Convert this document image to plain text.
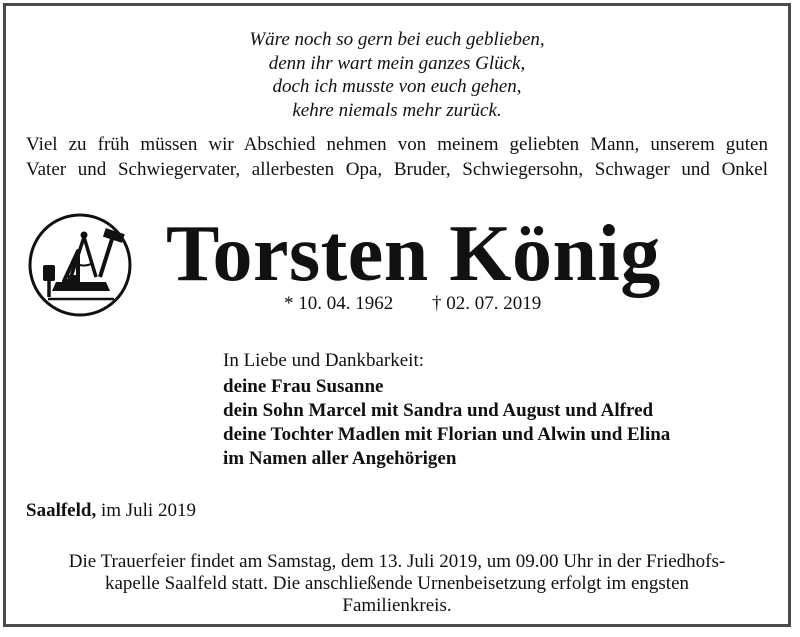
Wäre noch so gern bei euch geblieben,
denn ihr wart mein ganzes Glück,
doch ich musste von euch gehen,
kehre niemals mehr zurück.
Viel zu früh müssen wir Abschied nehmen von meinem geliebten Mann, unserem guten
Vater und Schwiegervater, allerbesten Opa, Bruder, Schwiegersohn, Schwager und Onkel
Torsten König
* 10. 04. 1962 † 02. 07. 2019
In Liebe und Dankbarkeit:
deine Frau Susanne
dein Sohn Marcel mit Sandra und August und Alfred
deine Tochter Madlen mit Florian und Alwin und Elina
im Namen aller Angehörigen
Saalfeld, im Juli 2019
Die Trauerfeier findet am Samstag, dem 13. Juli 2019, um 09.00 Uhr in der Friedhofs-
kapelle Saalfeld statt. Die anschließende Urnenbeisetzung erfolgt im engsten
Familienkreis.
